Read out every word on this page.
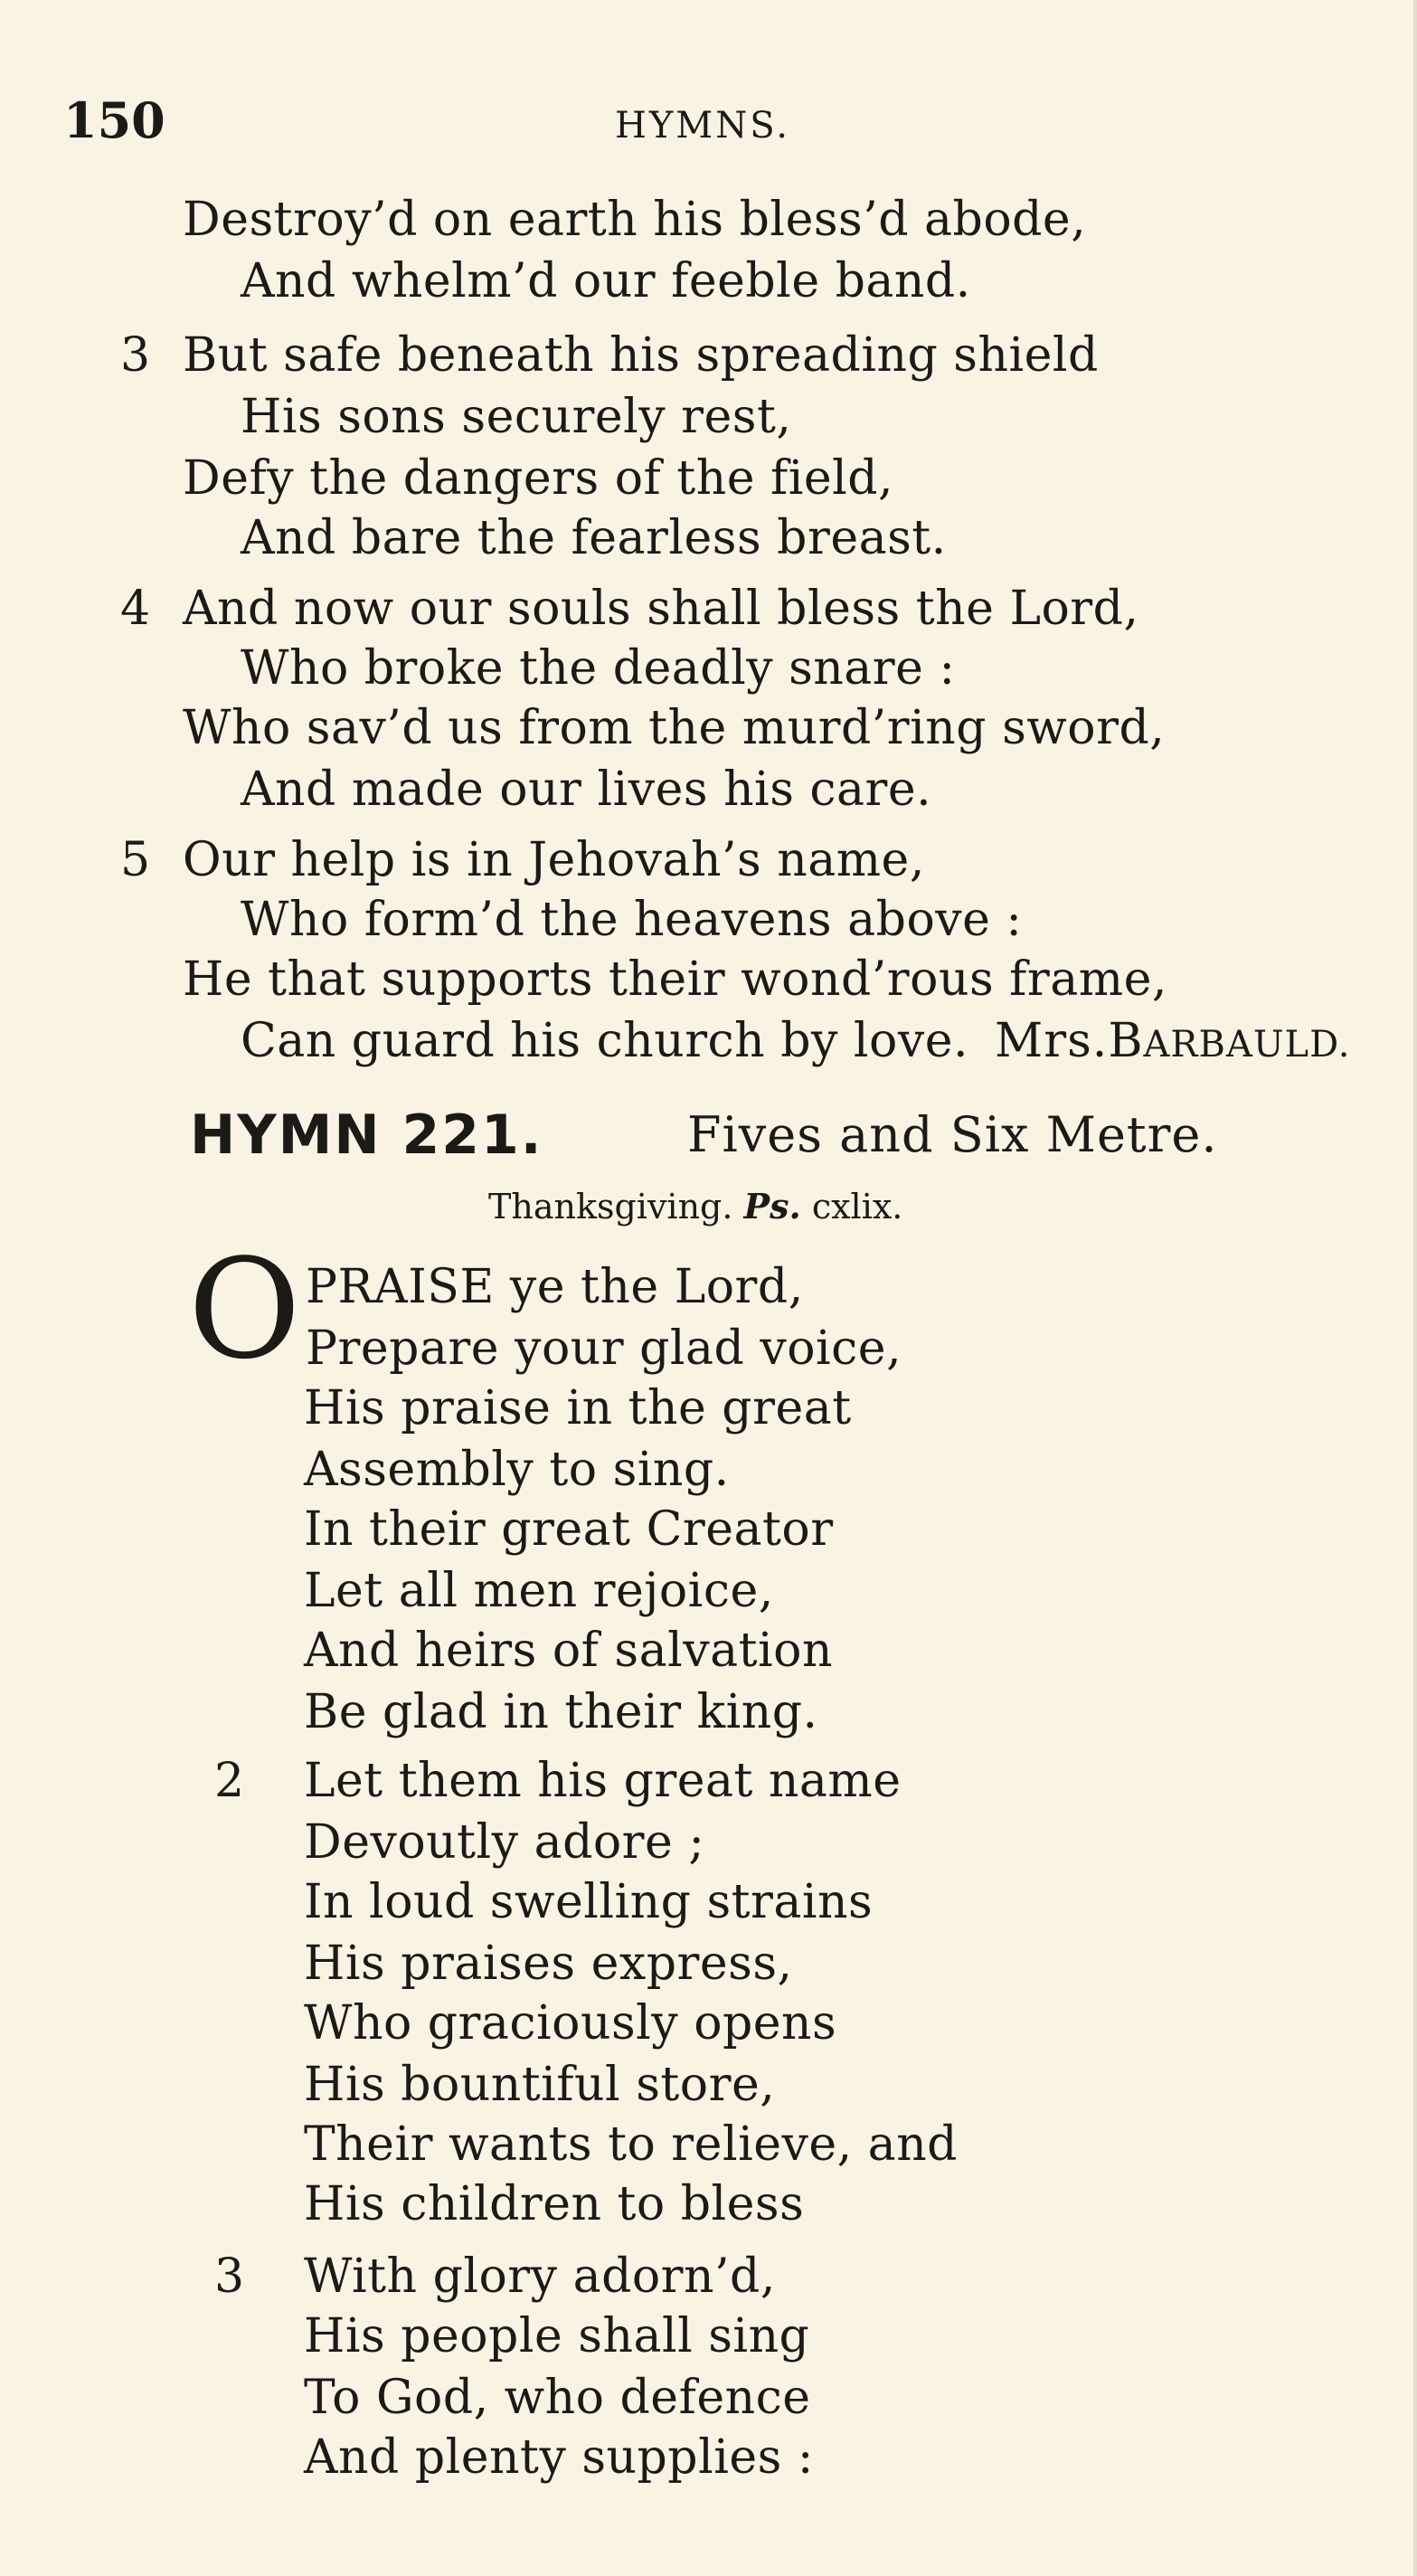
150	HYMNS.
Destroy’d on earth his bless’d abode,
And whelm’d our feeble band.
3 But safe beneath his spreading shield
His sons securely rest,
Defy the dangers of the field,
And bare the fearless breast.
4 And now our souls shall bless the Lord,
Who broke the deadly snare :
Who sav’d us from the murd’ring sword,
And made our lives his care.
5 Our help is in Jehovah’s name,
Who form’d the heavens above :
He that supports their wond’rous frame,
Can guard his church by love. Mrs.BARBAULD.
HYMN 221.	Fives and Six Metre.
Thanksgiving. Ps. cxlix.
O PRAISE ye the Lord,
Prepare your glad voice,
His praise in the great
Assembly to sing.
In their great Creator
Let all men rejoice,
And heirs of salvation
Be glad in their king.
2 Let them his great name
Devoutly adore ;
In loud swelling strains
His praises express,
Who graciously opens
His bountiful store,
Their wants to relieve, and
His children to bless
3 With glory adorn’d,
His people shall sing
To God, who defence
And plenty supplies :
